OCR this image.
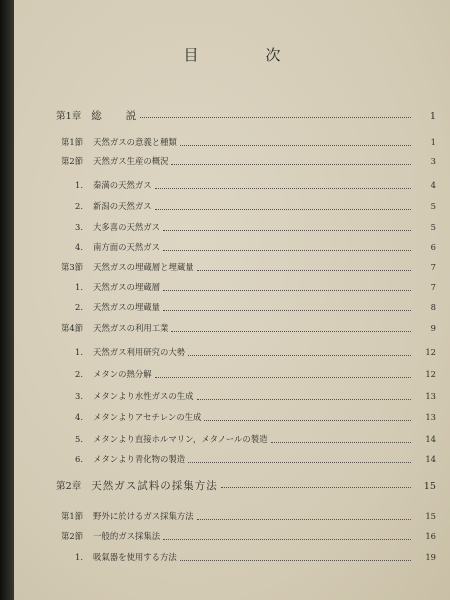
目　次
第1章 総　　説	1
第1節 天然ガスの意義と種類	1
第2節 天然ガス生産の概況	3
1. 秦満の天然ガス	4
2. 新潟の天然ガス	5
3. 大多喜の天然ガス	5
4. 南方面の天然ガス	6
第3節 天然ガスの埋蔵層と埋蔵量	7
1. 天然ガスの埋蔵層	7
2. 天然ガスの埋蔵量	8
第4節 天然ガスの利用工業	9
1. 天然ガス利用研究の大勢	12
2. メタンの熱分解	12
3. メタンより水性ガスの生成	13
4. メタンよりアセチレンの生成	13
5. メタンより直接ホルマリン，メタノールの製造	14
6. メタンより青化物の製造	14
第2章 天然ガス試料の採集方法	15
第1節 野外に於けるガス採集方法	15
第2節 一般的ガス採集法	16
1. 吸氣器を使用する方法	19
